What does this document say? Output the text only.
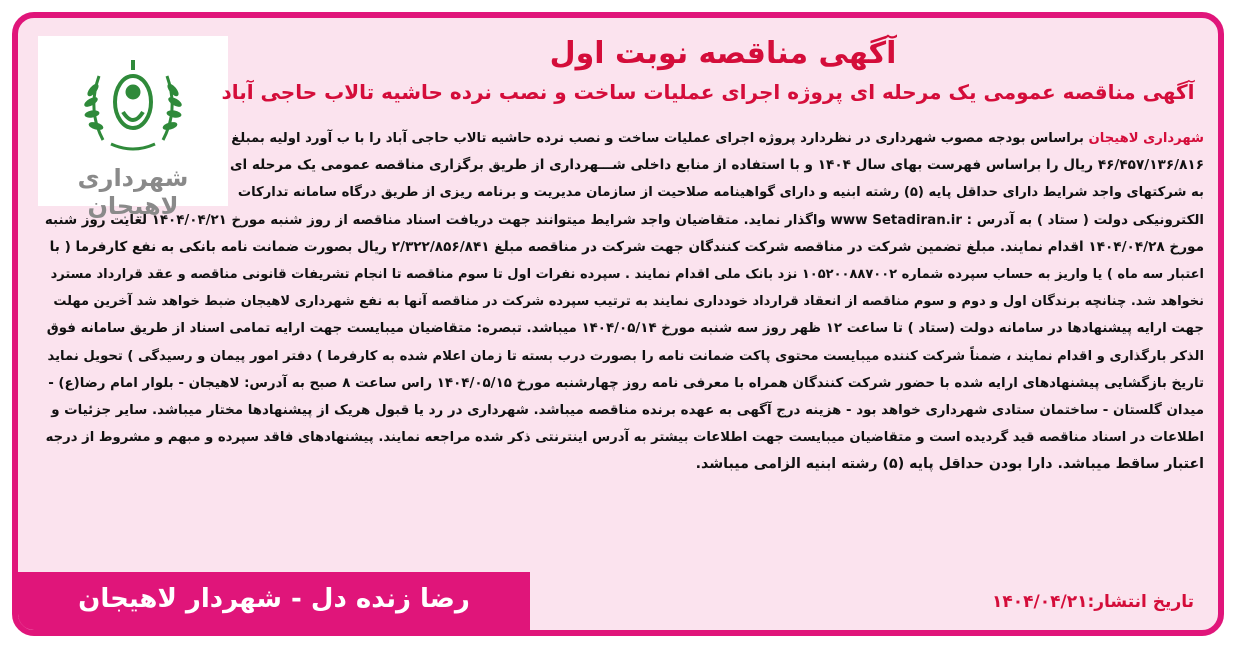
شهرداری لاهیجان
آگهی مناقصه نوبت اول
آگهی مناقصه عمومی یک مرحله ای پروژه اجرای عملیات ساخت و نصب نرده حاشیه تالاب حاجی آباد
شهرداری لاهیجان براساس بودجه مصوب شهرداری در نظردارد پروژه اجرای عملیات ساخت و نصب نرده حاشیه تالاب حاجی آباد را با ب آورد اولیه بمبلغ
۴۶/۴۵۷/۱۳۶/۸۱۶ ریال را براساس فهرست بهای سال ۱۴۰۴ و با استفاده از منابع داخلی شـــهرداری از طریق برگزاری مناقصه عمومی یک مرحله ای
به شرکتهای واجد شرایط دارای حداقل پایه (۵) رشته ابنیه و دارای گواهینامه صلاحیت از سازمان مدیریت و برنامه ریزی از طریق درگاه سامانه تدارکات
الکترونیکی دولت ( ستاد ) به آدرس : www Setadiran.ir واگذار نماید. متقاضیان واجد شرایط میتوانند جهت دریافت اسناد مناقصه از روز شنبه مورخ ۱۴۰۴/۰۴/۲۱ لغایت روز شنبه
مورخ ۱۴۰۴/۰۴/۲۸ اقدام نمایند. مبلغ تضمین شرکت در مناقصه شرکت کنندگان جهت شرکت در مناقصه مبلغ ۲/۳۲۲/۸۵۶/۸۴۱ ریال بصورت ضمانت نامه بانکی به نفع کارفرما ( با
اعتبار سه ماه ) یا واریز به حساب سپرده شماره ۱۰۵۲۰۰۸۸۷۰۰۲ نزد بانک ملی اقدام نمایند . سپرده نفرات اول تا سوم مناقصه تا انجام تشریفات قانونی مناقصه و عقد قرارداد مسترد
نخواهد شد. چنانچه برندگان اول و دوم و سوم مناقصه از انعقاد قرارداد خودداری نمایند به ترتیب سپرده شرکت در مناقصه آنها به نفع شهرداری لاهیجان ضبط خواهد شد آخرین مهلت
جهت ارایه پیشنهادها در سامانه دولت (ستاد ) تا ساعت ۱۲ ظهر روز سه شنبه مورخ ۱۴۰۴/۰۵/۱۴ میباشد. تبصره: متقاضیان میبایست جهت ارایه تمامی اسناد از طریق سامانه فوق
الذکر بارگذاری و اقدام نمایند ، ضمناً شرکت کننده میبایست محتوی پاکت ضمانت نامه را بصورت درب بسته تا زمان اعلام شده به کارفرما ) دفتر امور پیمان و رسیدگی ) تحویل نماید
تاریخ بازگشایی پیشنهادهای ارایه شده با حضور شرکت کنندگان همراه با معرفی نامه روز چهارشنبه مورخ ۱۴۰۴/۰۵/۱۵ راس ساعت ۸ صبح به آدرس: لاهیجان - بلوار امام رضا(ع) -
میدان گلستان - ساختمان ستادی شهرداری خواهد بود - هزینه درج آگهی به عهده برنده مناقصه میباشد. شهرداری در رد یا قبول هریک از پیشنهادها مختار میباشد. سایر جزئیات و
اطلاعات در اسناد مناقصه قید گردیده است و متقاضیان میبایست جهت اطلاعات بیشتر به آدرس اینترنتی ذکر شده مراجعه نمایند. پیشنهادهای فاقد سپرده و مبهم و مشروط از درجه
اعتبار ساقط میباشد. دارا بودن حداقل پایه (۵) رشته ابنیه الزامی میباشد.
رضا زنده دل - شهردار لاهیجان	تاریخ انتشار:۱۴۰۴/۰۴/۲۱
